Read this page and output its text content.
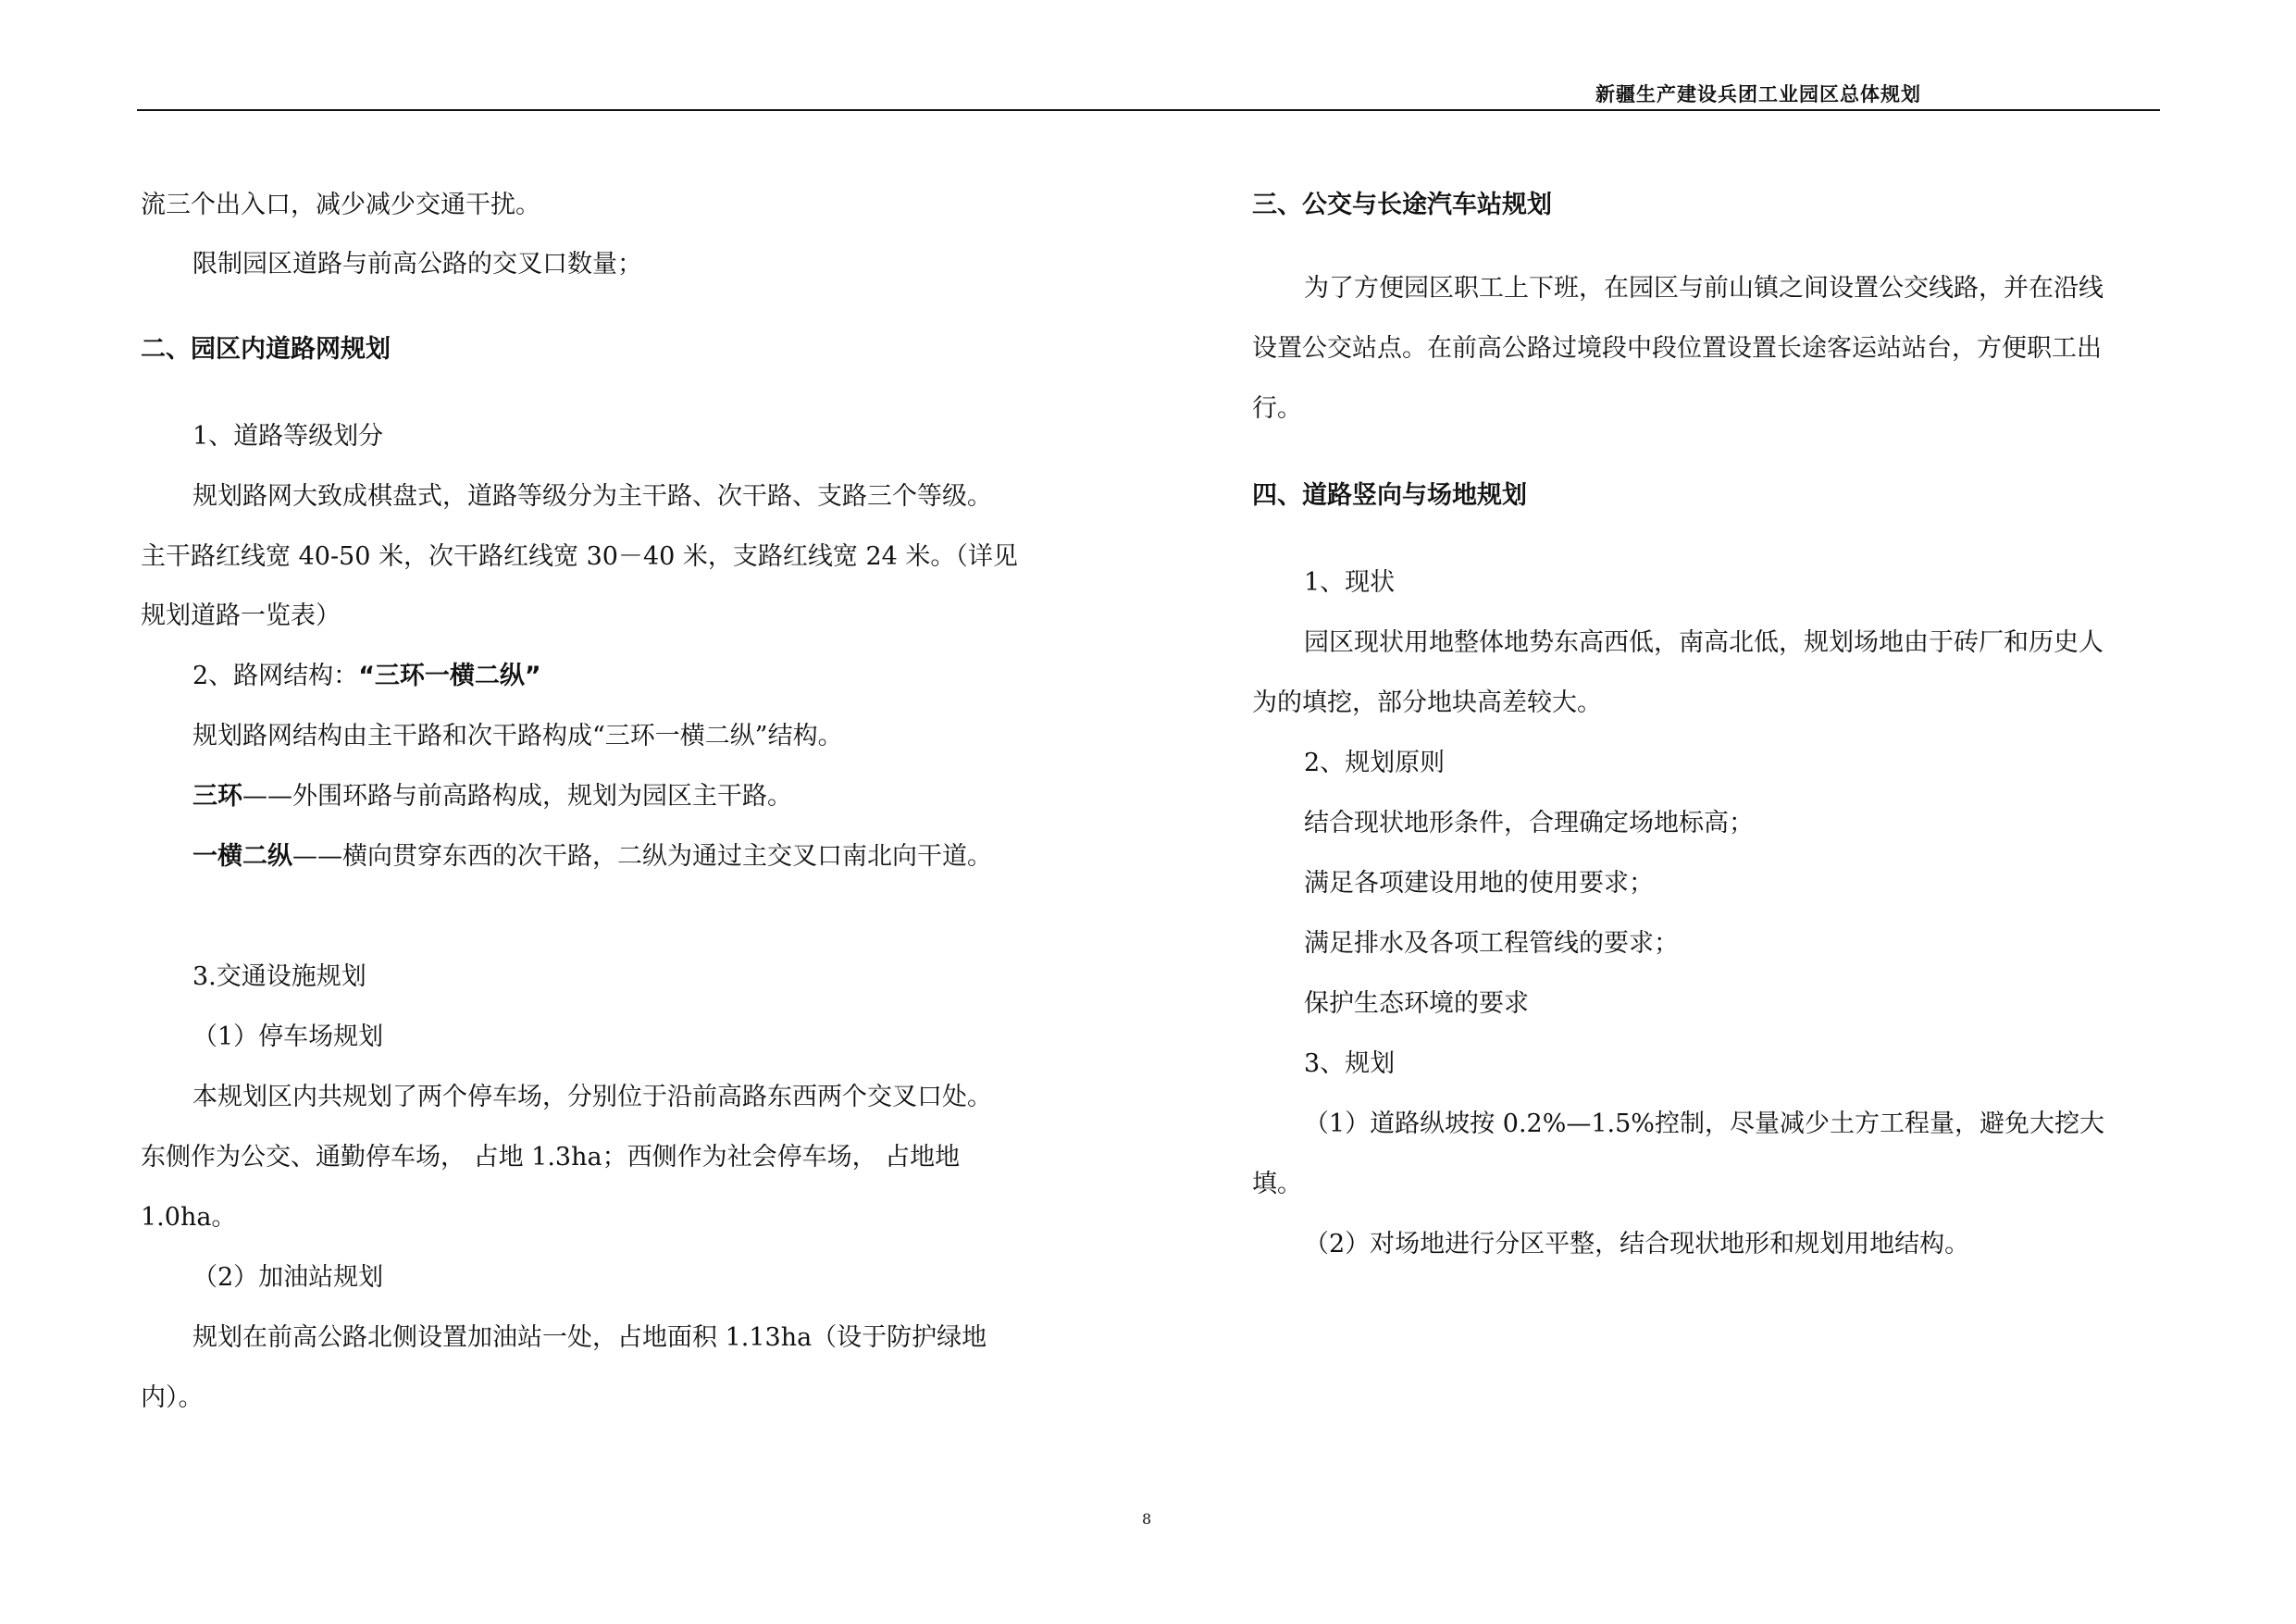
新疆生产建设兵团工业园区总体规划
流三个出入口，减少减少交通干扰。
限制园区道路与前高公路的交叉口数量；
二、园区内道路网规划
1、道路等级划分
规划路网大致成棋盘式，道路等级分为主干路、次干路、支路三个等级。
主干路红线宽 40-50 米，次干路红线宽 30－40 米，支路红线宽 24 米。（详见
规划道路一览表）
2、路网结构：“三环一横二纵”
规划路网结构由主干路和次干路构成“三环一横二纵”结构。
三环——外围环路与前高路构成，规划为园区主干路。
一横二纵——横向贯穿东西的次干路，二纵为通过主交叉口南北向干道。
3.交通设施规划
（1）停车场规划
本规划区内共规划了两个停车场，分别位于沿前高路东西两个交叉口处。
东侧作为公交、通勤停车场， 占地 1.3ha；西侧作为社会停车场， 占地地
1.0ha。
（2）加油站规划
规划在前高公路北侧设置加油站一处，占地面积 1.13ha（设于防护绿地
内）。
三、公交与长途汽车站规划
为了方便园区职工上下班，在园区与前山镇之间设置公交线路，并在沿线
设置公交站点。在前高公路过境段中段位置设置长途客运站站台，方便职工出
行。
四、道路竖向与场地规划
1、现状
园区现状用地整体地势东高西低，南高北低，规划场地由于砖厂和历史人
为的填挖，部分地块高差较大。
2、规划原则
结合现状地形条件，合理确定场地标高；
满足各项建设用地的使用要求；
满足排水及各项工程管线的要求；
保护生态环境的要求
3、规划
（1）道路纵坡按 0.2%—1.5%控制，尽量减少土方工程量，避免大挖大
填。
（2）对场地进行分区平整，结合现状地形和规划用地结构。
8
